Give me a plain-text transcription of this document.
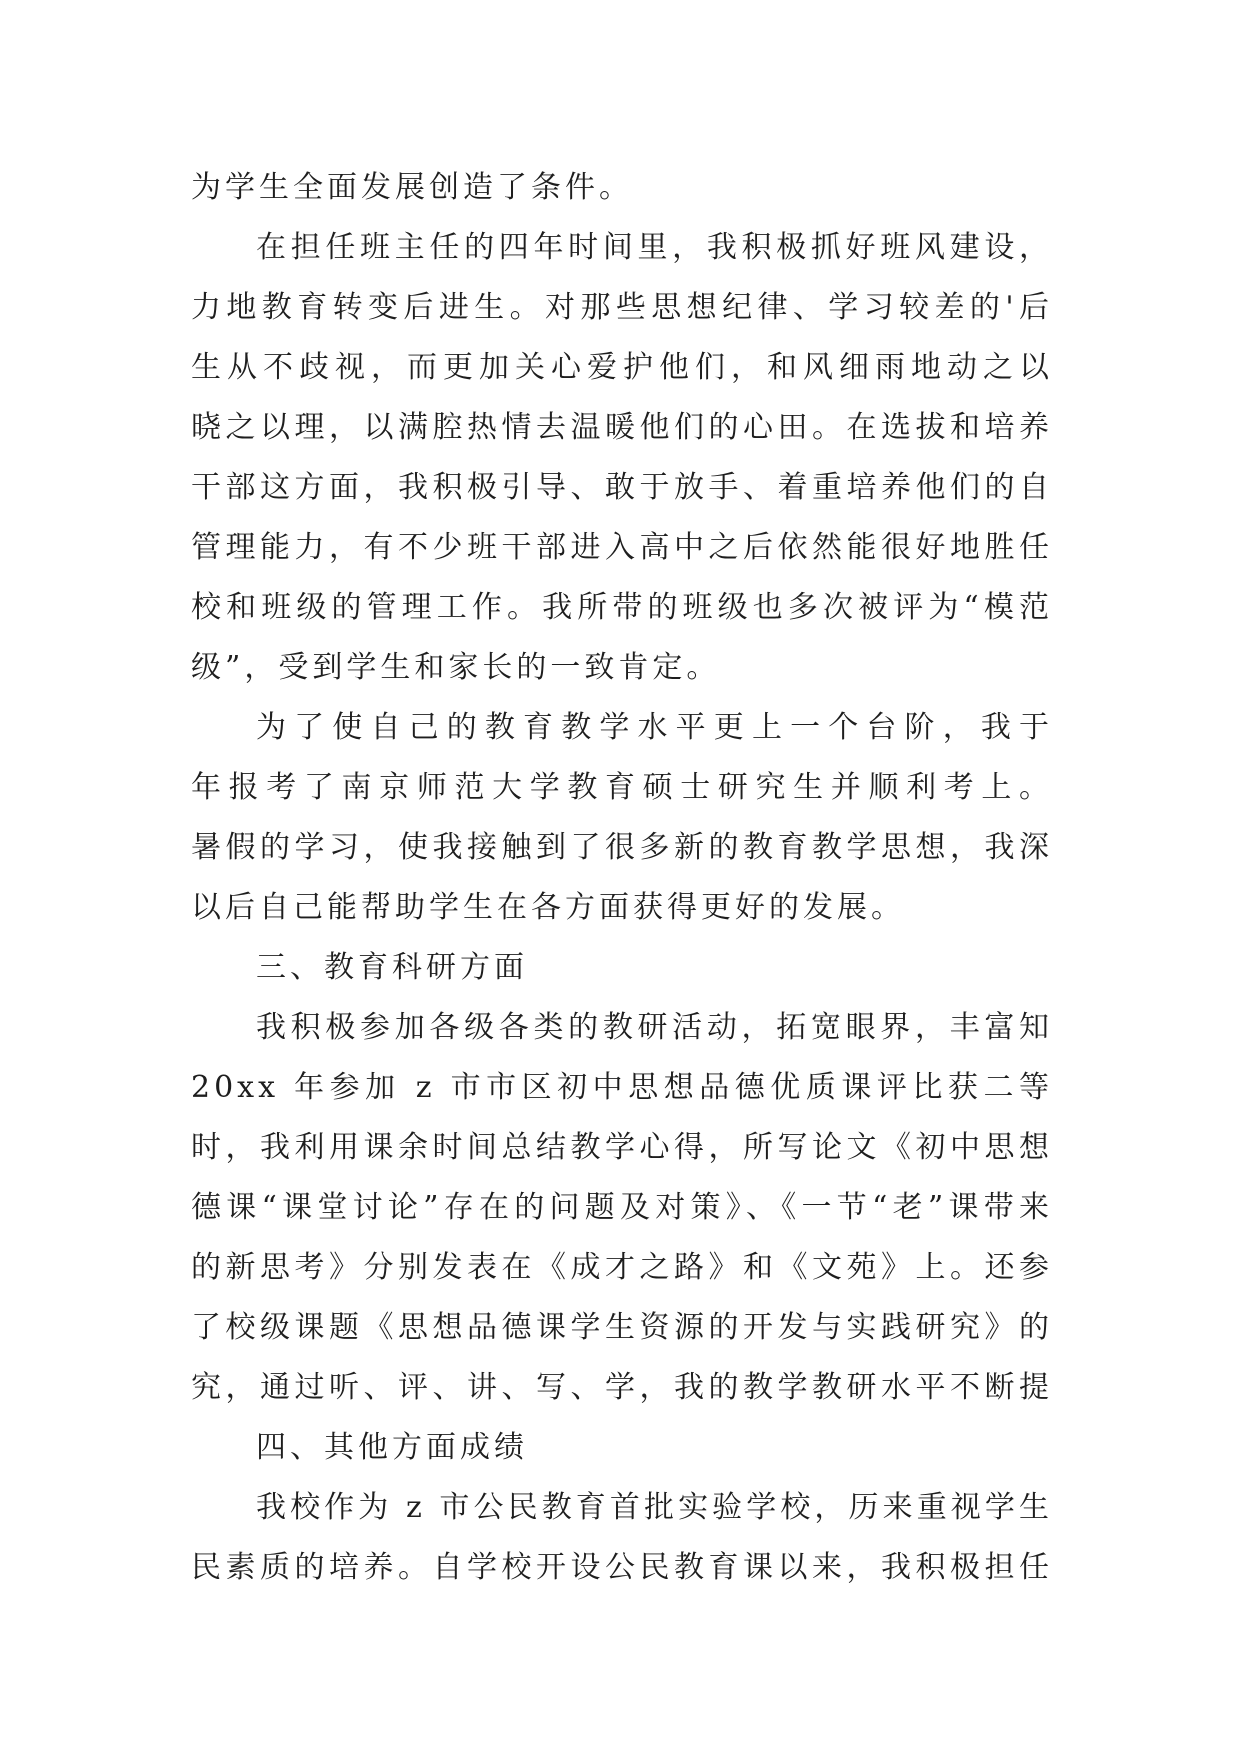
为学生全面发展创造了条件。
在担任班主任的四年时间里，我积极抓好班风建设，
力地教育转变后进生。对那些思想纪律、学习较差的'后
生从不歧视，而更加关心爱护他们，和风细雨地动之以
晓之以理，以满腔热情去温暖他们的心田。在选拔和培养
干部这方面，我积极引导、敢于放手、着重培养他们的自
管理能力，有不少班干部进入高中之后依然能很好地胜任
校和班级的管理工作。我所带的班级也多次被评为“模范
级”，受到学生和家长的一致肯定。
为了使自己的教育教学水平更上一个台阶，我于
年报考了南京师范大学教育硕士研究生并顺利考上。
暑假的学习，使我接触到了很多新的教育教学思想，我深
以后自己能帮助学生在各方面获得更好的发展。
三、教育科研方面
我积极参加各级各类的教研活动，拓宽眼界，丰富知
20xx 年参加 z 市市区初中思想品德优质课评比获二等
时，我利用课余时间总结教学心得，所写论文《初中思想
德课“课堂讨论”存在的问题及对策》、《一节“老”课带来
的新思考》分别发表在《成才之路》和《文苑》上。还参
了校级课题《思想品德课学生资源的开发与实践研究》的
究，通过听、评、讲、写、学，我的教学教研水平不断提
四、其他方面成绩
我校作为 z 市公民教育首批实验学校，历来重视学生
民素质的培养。自学校开设公民教育课以来，我积极担任
